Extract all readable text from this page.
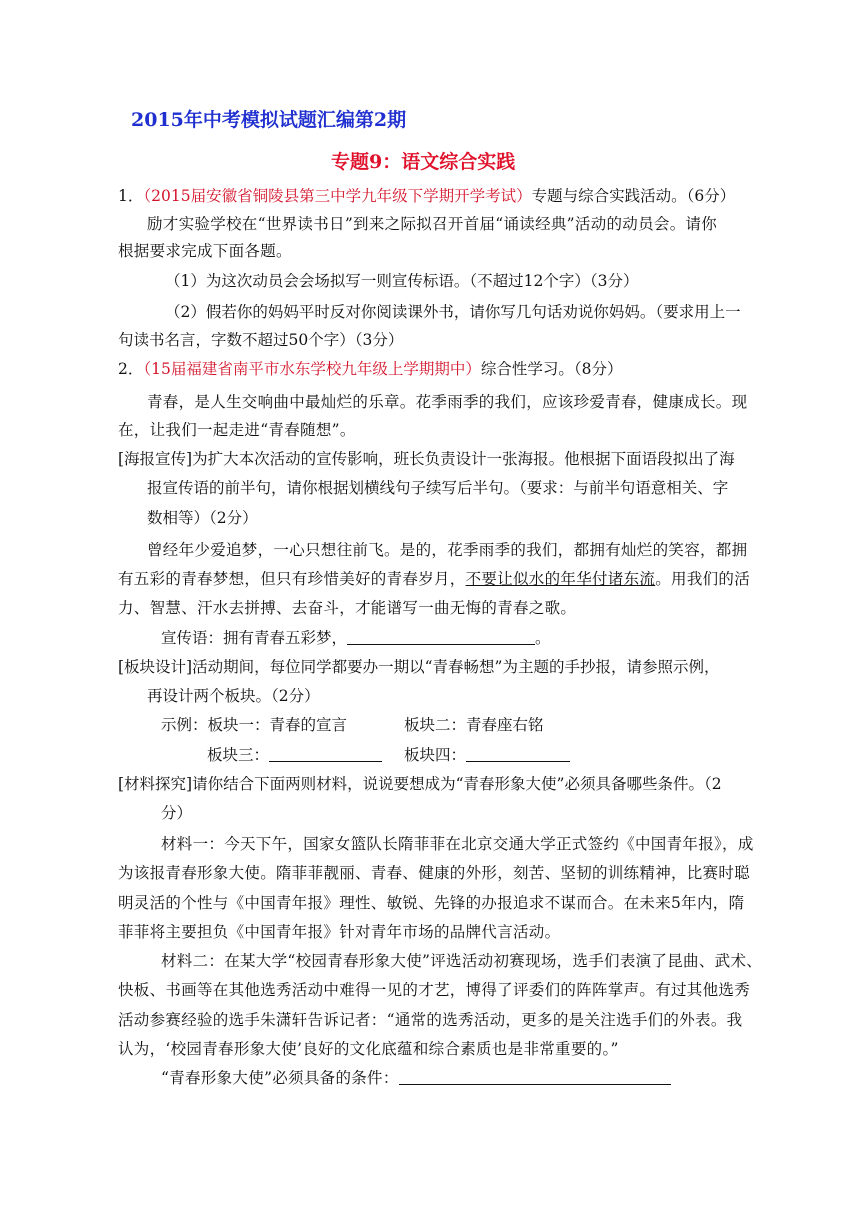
2015年中考模拟试题汇编第2期
专题9：语文综合实践
1．（2015届安徽省铜陵县第三中学九年级下学期开学考试）专题与综合实践活动。（6分）
励才实验学校在“世界读书日”到来之际拟召开首届“诵读经典”活动的动员会。请你
根据要求完成下面各题。
（1）为这次动员会会场拟写一则宣传标语。（不超过12个字）（3分）
（2）假若你的妈妈平时反对你阅读课外书，请你写几句话劝说你妈妈。（要求用上一
句读书名言，字数不超过50个字）（3分）
2．（15届福建省南平市水东学校九年级上学期期中）综合性学习。（8分）
青春，是人生交响曲中最灿烂的乐章。花季雨季的我们，应该珍爱青春，健康成长。现
在，让我们一起走进“青春随想”。
[海报宣传]为扩大本次活动的宣传影响，班长负责设计一张海报。他根据下面语段拟出了海
报宣传语的前半句，请你根据划横线句子续写后半句。（要求：与前半句语意相关、字
数相等）（2分）
曾经年少爱追梦，一心只想往前飞。是的，花季雨季的我们，都拥有灿烂的笑容，都拥
有五彩的青春梦想，但只有珍惜美好的青春岁月，不要让似水的年华付诸东流。用我们的活
力、智慧、汗水去拼搏、去奋斗，才能谱写一曲无悔的青春之歌。
宣传语：拥有青春五彩梦，	。
[板块设计]活动期间，每位同学都要办一期以“青春畅想”为主题的手抄报，请参照示例，
再设计两个板块。（2分）
示例：板块一：青春的宣言	板块二：青春座右铭
板块三：	板块四：
[材料探究]请你结合下面两则材料，说说要想成为“青春形象大使”必须具备哪些条件。（2
分）
材料一：今天下午，国家女篮队长隋菲菲在北京交通大学正式签约《中国青年报》，成
为该报青春形象大使。隋菲菲靓丽、青春、健康的外形，刻苦、坚韧的训练精神，比赛时聪
明灵活的个性与《中国青年报》理性、敏锐、先锋的办报追求不谋而合。在未来5年内，隋
菲菲将主要担负《中国青年报》针对青年市场的品牌代言活动。
材料二：在某大学“校园青春形象大使”评选活动初赛现场，选手们表演了昆曲、武术、
快板、书画等在其他选秀活动中难得一见的才艺，博得了评委们的阵阵掌声。有过其他选秀
活动参赛经验的选手朱潇轩告诉记者：“通常的选秀活动，更多的是关注选手们的外表。我
认为，‘校园青春形象大使’良好的文化底蕴和综合素质也是非常重要的。”
“青春形象大使”必须具备的条件：
